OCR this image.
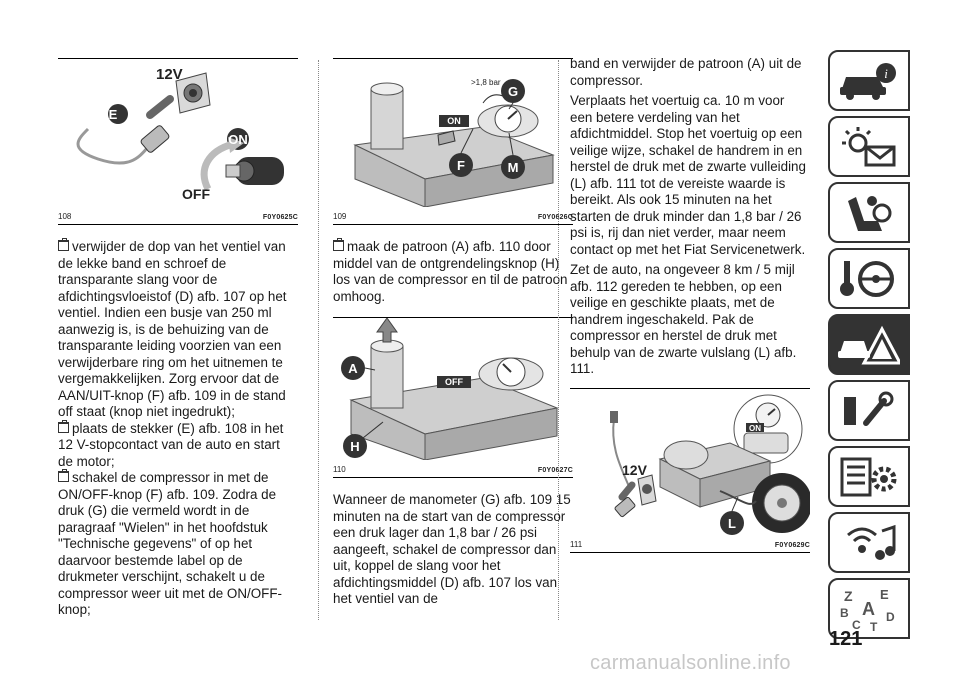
12V
E
ON
OFF
108	F0Y0625C

verwijder de dop van het ventiel van de lekke band en schroef de transparante slang voor de afdichtingsvloeistof (D) afb. 107 op het ventiel. Indien een busje van 250 ml aanwezig is, is de behuizing van de transparante leiding voorzien van een verwijderbare ring om het uitnemen te vergemakkelijken. Zorg ervoor dat de AAN/UIT-knop (F) afb. 109 in de stand off staat (knop niet ingedrukt);

plaats de stekker (E) afb. 108 in het 12 V-stopcontact van de auto en start de motor;

schakel de compressor in met de ON/OFF-knop (F) afb. 109. Zodra de druk (G) die vermeld wordt in de paragraaf "Wielen" in het hoofdstuk "Technische gegevens" of op het daarvoor bestemde label op de drukmeter verschijnt, schakelt u de compressor weer uit met de ON/OFF-knop;

>1,8 bar
G
ON
F	M
109	F0Y0626C

maak de patroon (A) afb. 110 door middel van de ontgrendelingsknop (H) los van de compressor en til de patroon omhoog.

A
OFF
H
110	F0Y0627C

Wanneer de manometer (G) afb. 109 15 minuten na de start van de compressor een druk lager dan 1,8 bar / 26 psi aangeeft, schakel de compressor dan uit, koppel de slang voor het afdichtingsmiddel (D) afb. 107 los van het ventiel van de

band en verwijder de patroon (A) uit de compressor.

Verplaats het voertuig ca. 10 m voor een betere verdeling van het afdichtmiddel. Stop het voertuig op een veilige wijze, schakel de handrem in en herstel de druk met de zwarte vulleiding (L) afb. 111 tot de vereiste waarde is bereikt. Als ook 15 minuten na het starten de druk minder dan 1,8 bar / 26 psi is, rij dan niet verder, maar neem contact op met het Fiat Servicenetwerk.

Zet de auto, na ongeveer 8 km / 5 mijl afb. 112 gereden te hebben, op een veilige en geschikte plaats, met de handrem ingeschakeld. Pak de compressor en herstel de druk met behulp van de zwarte vulslang (L) afb. 111.

ON
12V
L
111	F0Y0629C
i
Z E
B A
C
D
T
121
carmanualsonline.info
